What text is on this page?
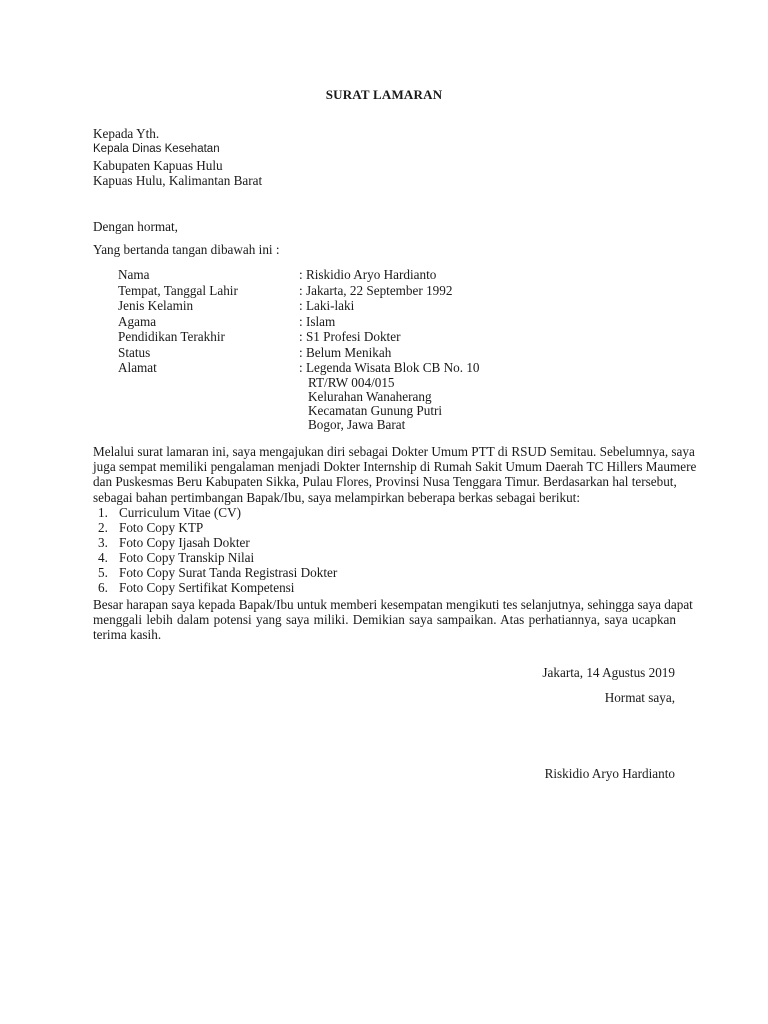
SURAT LAMARAN
Kepada Yth.
Kepala Dinas Kesehatan
Kabupaten Kapuas Hulu
Kapuas Hulu, Kalimantan Barat
Dengan hormat,
Yang bertanda tangan dibawah ini :
Nama	: Riskidio Aryo Hardianto
Tempat, Tanggal Lahir	: Jakarta, 22 September 1992
Jenis Kelamin	: Laki-laki
Agama	: Islam
Pendidikan Terakhir	: S1 Profesi Dokter
Status	: Belum Menikah
Alamat	: Legenda Wisata Blok CB No. 10
RT/RW 004/015
Kelurahan Wanaherang
Kecamatan Gunung Putri
Bogor, Jawa Barat
Melalui surat lamaran ini, saya mengajukan diri sebagai Dokter Umum PTT di RSUD Semitau. Sebelumnya, saya
juga sempat memiliki pengalaman menjadi Dokter Internship di Rumah Sakit Umum Daerah TC Hillers Maumere
dan Puskesmas Beru Kabupaten Sikka, Pulau Flores, Provinsi Nusa Tenggara Timur. Berdasarkan hal tersebut,
sebagai bahan pertimbangan Bapak/Ibu, saya melampirkan beberapa berkas sebagai berikut:
1. Curriculum Vitae (CV)
2. Foto Copy KTP
3. Foto Copy Ijasah Dokter
4. Foto Copy Transkip Nilai
5. Foto Copy Surat Tanda Registrasi Dokter
6. Foto Copy Sertifikat Kompetensi
Besar harapan saya kepada Bapak/Ibu untuk memberi kesempatan mengikuti tes selanjutnya, sehingga saya dapat
menggali lebih dalam potensi yang saya miliki. Demikian saya sampaikan. Atas perhatiannya, saya ucapkan
terima kasih.
Jakarta, 14 Agustus 2019
Hormat saya,
Riskidio Aryo Hardianto
